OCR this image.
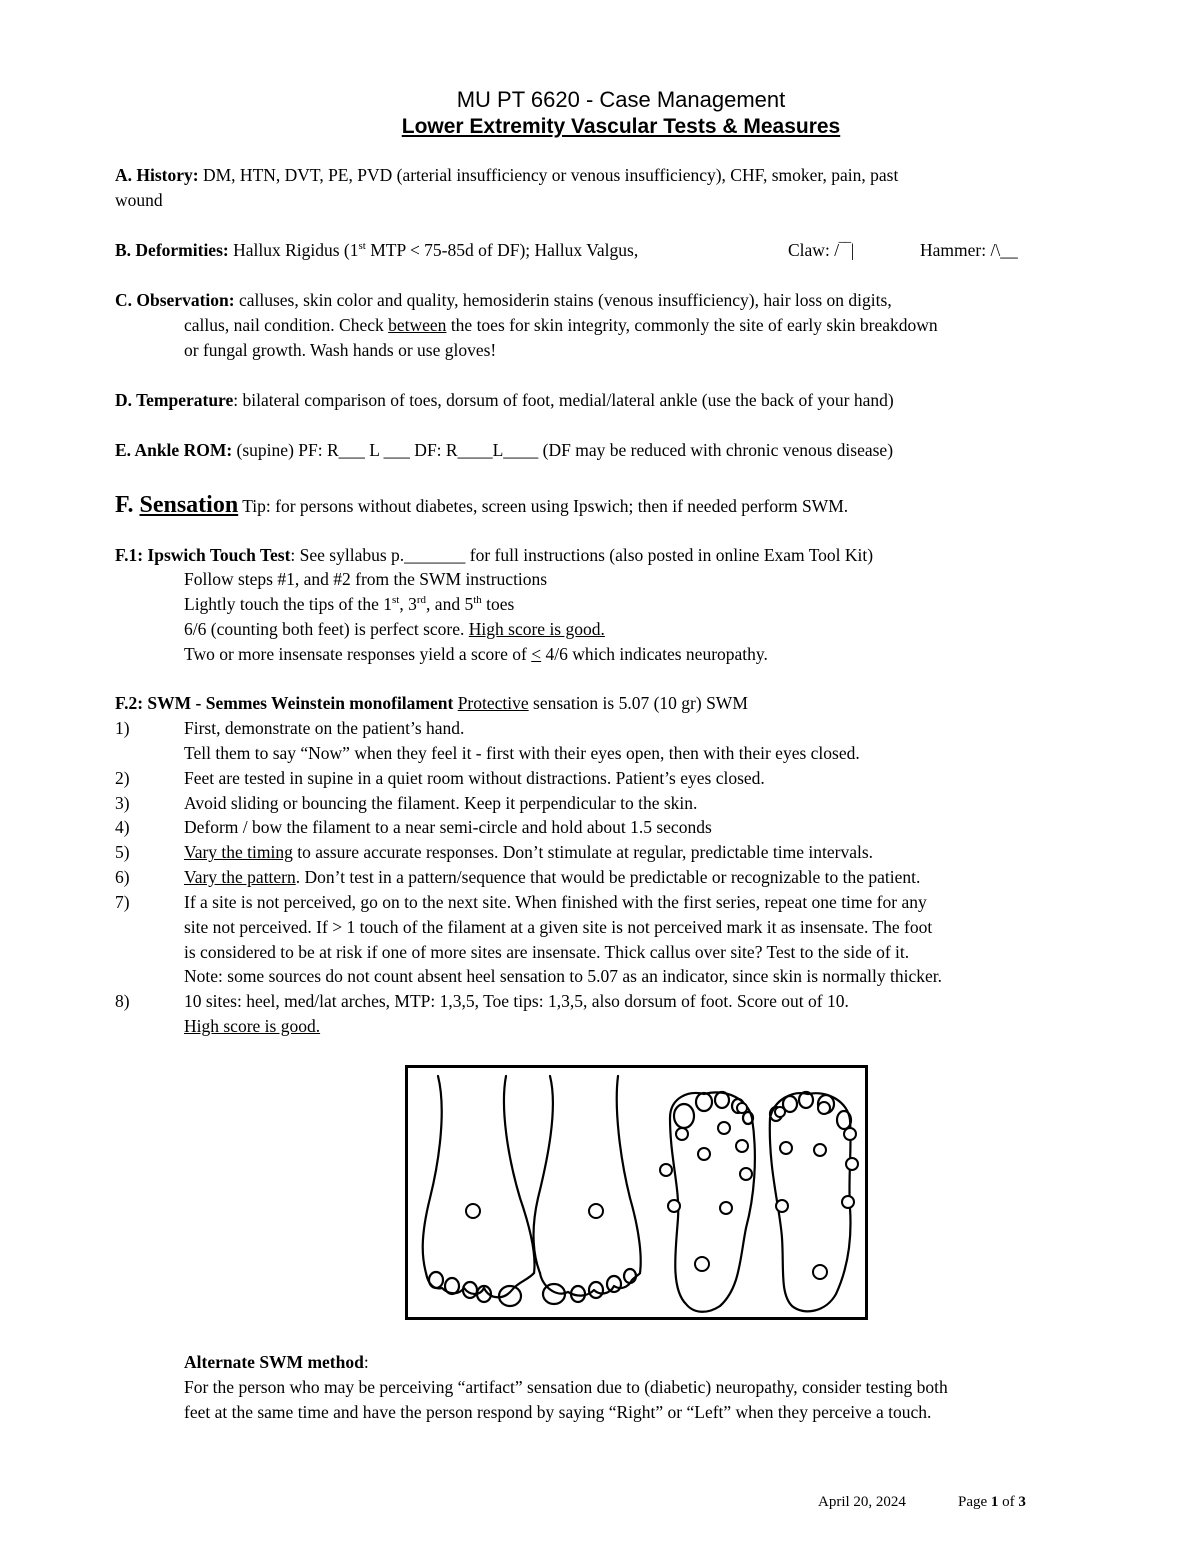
MU PT 6620 - Case Management
Lower Extremity Vascular Tests & Measures
A. History: DM, HTN, DVT, PE, PVD (arterial insufficiency or venous insufficiency), CHF, smoker, pain, past
wound
B. Deformities: Hallux Rigidus (1st MTP < 75-85d of DF); Hallux Valgus,	Claw: /‾‾|	Hammer: /\__
C. Observation: calluses, skin color and quality, hemosiderin stains (venous insufficiency), hair loss on digits,
callus, nail condition. Check between the toes for skin integrity, commonly the site of early skin breakdown
or fungal growth. Wash hands or use gloves!
D. Temperature: bilateral comparison of toes, dorsum of foot, medial/lateral ankle (use the back of your hand)
E. Ankle ROM: (supine) PF: R___ L ___ DF: R____L____ (DF may be reduced with chronic venous disease)
F. Sensation Tip: for persons without diabetes, screen using Ipswich; then if needed perform SWM.
F.1: Ipswich Touch Test: See syllabus p._______ for full instructions (also posted in online Exam Tool Kit)
Follow steps #1, and #2 from the SWM instructions
Lightly touch the tips of the 1st, 3rd, and 5th toes
6/6 (counting both feet) is perfect score. High score is good.
Two or more insensate responses yield a score of < 4/6 which indicates neuropathy.
F.2: SWM - Semmes Weinstein monofilament Protective sensation is 5.07 (10 gr) SWM
1)	First, demonstrate on the patient’s hand.
Tell them to say “Now” when they feel it - first with their eyes open, then with their eyes closed.
2)	Feet are tested in supine in a quiet room without distractions. Patient’s eyes closed.
3)	Avoid sliding or bouncing the filament. Keep it perpendicular to the skin.
4)	Deform / bow the filament to a near semi-circle and hold about 1.5 seconds
5)	Vary the timing to assure accurate responses. Don’t stimulate at regular, predictable time intervals.
6)	Vary the pattern. Don’t test in a pattern/sequence that would be predictable or recognizable to the patient.
7)	If a site is not perceived, go on to the next site. When finished with the first series, repeat one time for any
site not perceived. If > 1 touch of the filament at a given site is not perceived mark it as insensate. The foot
is considered to be at risk if one of more sites are insensate. Thick callus over site? Test to the side of it.
Note: some sources do not count absent heel sensation to 5.07 as an indicator, since skin is normally thicker.
8)	10 sites: heel, med/lat arches, MTP: 1,3,5, Toe tips: 1,3,5, also dorsum of foot. Score out of 10.
High score is good.
Alternate SWM method:
For the person who may be perceiving “artifact” sensation due to (diabetic) neuropathy, consider testing both
feet at the same time and have the person respond by saying “Right” or “Left” when they perceive a touch.
April 20, 2024	Page 1 of 3
